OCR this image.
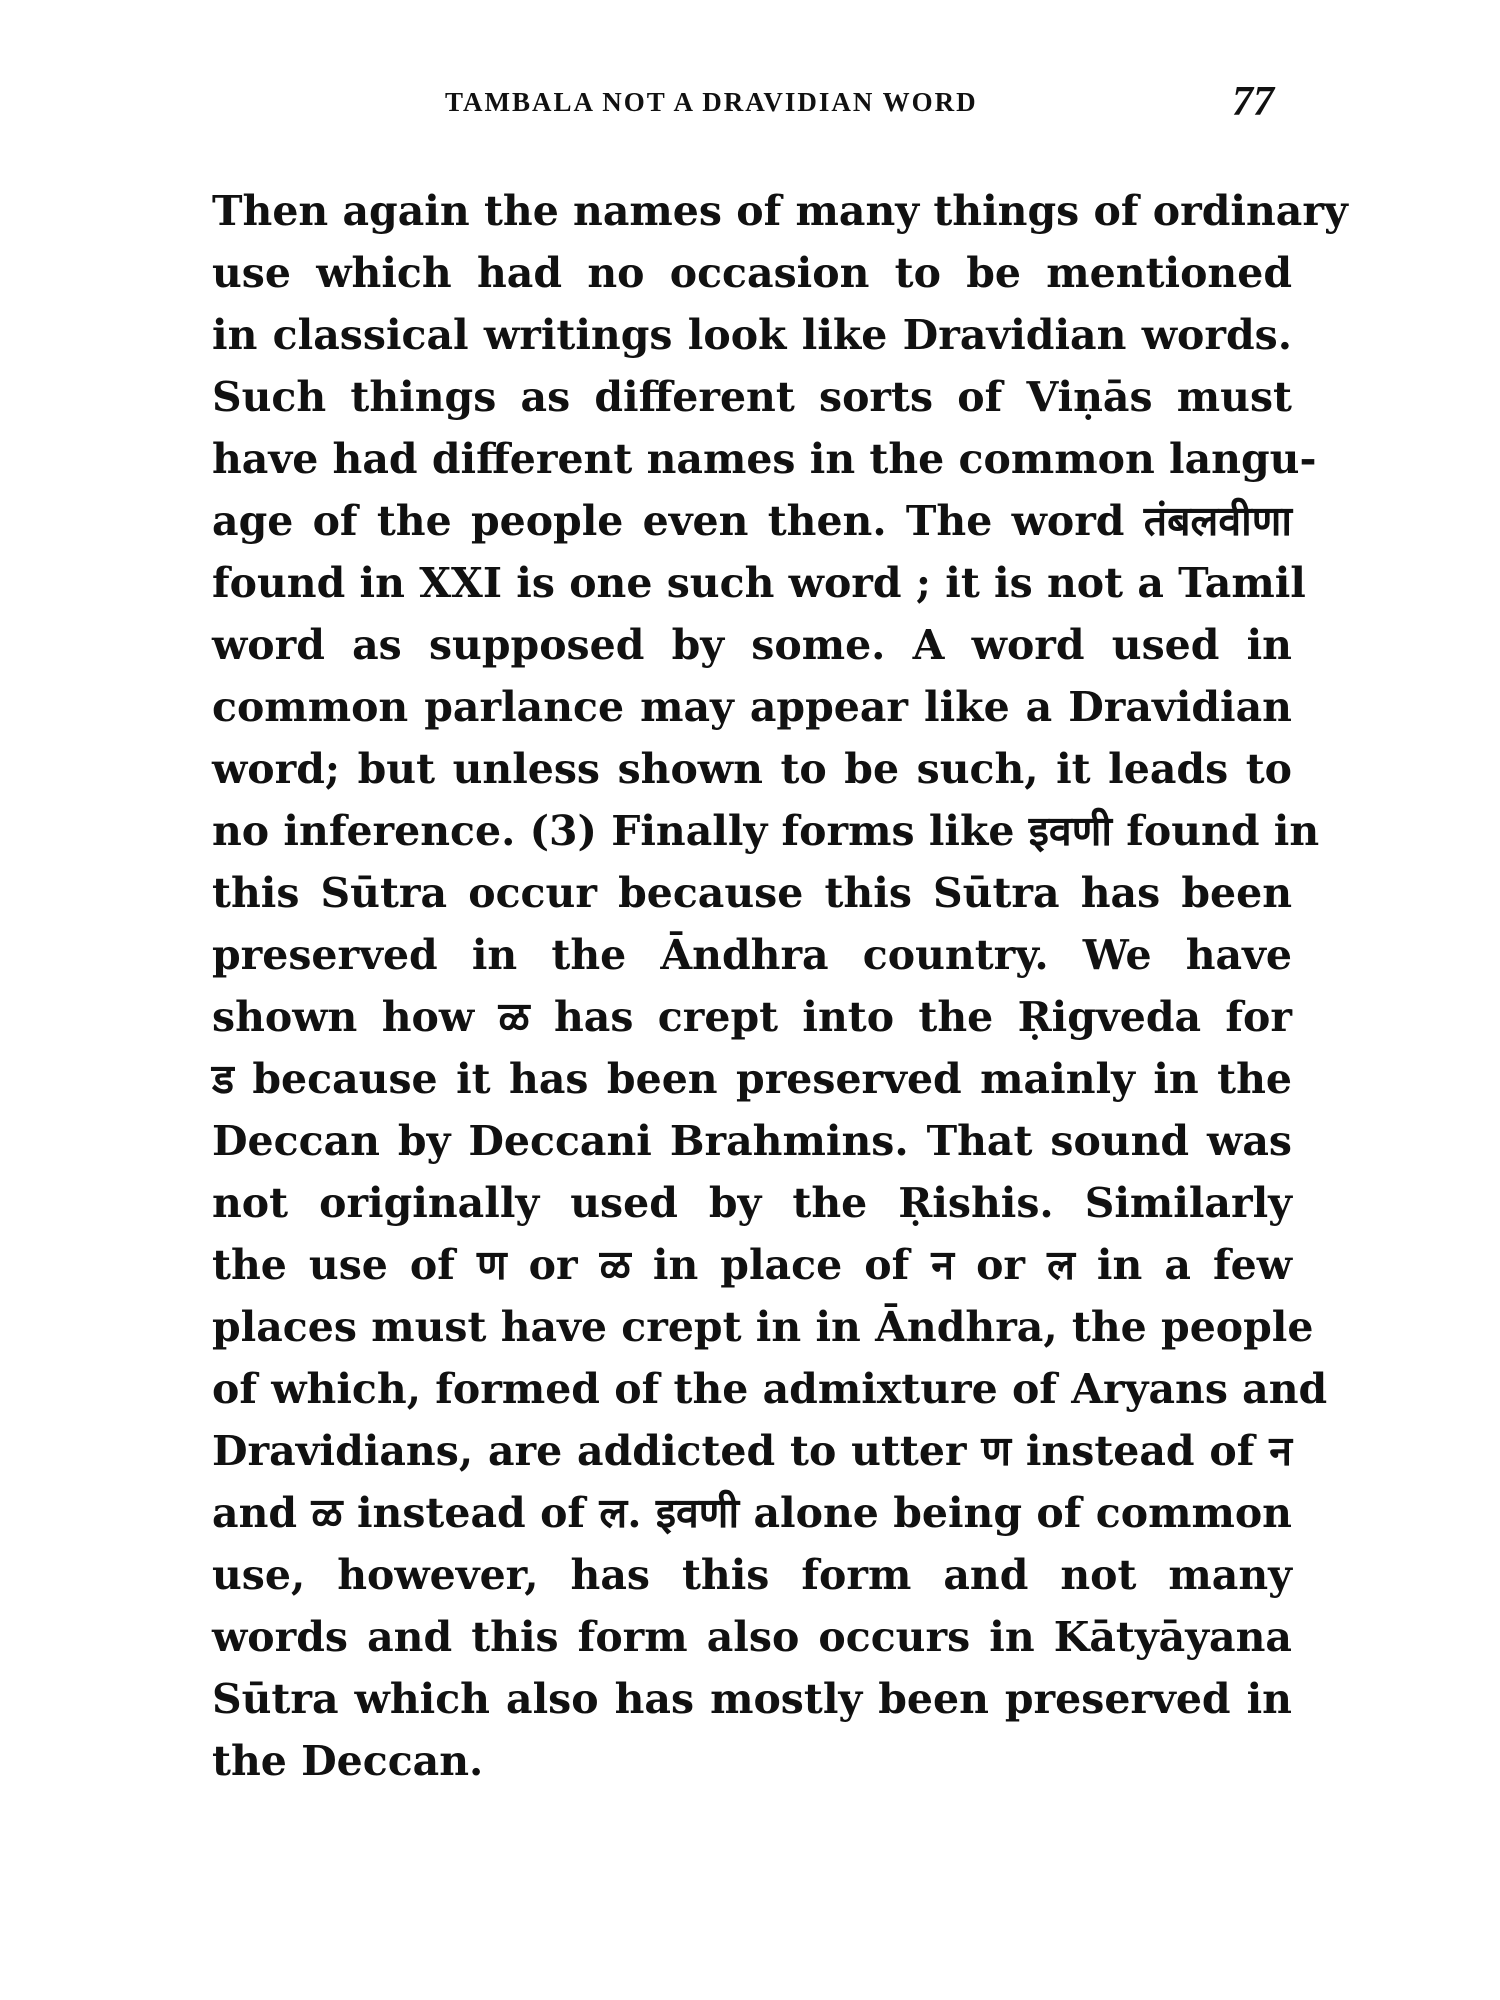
TAMBALA NOT A DRAVIDIAN WORD	77
Then again the names of many things of ordinary
use which had no occasion to be mentioned
in classical writings look like Dravidian words.
Such things as different sorts of Viṇās must
have had different names in the common langu-
age of the people even then. The word तंबलवीणा
found in XXI is one such word ; it is not a Tamil
word as supposed by some. A word used in
common parlance may appear like a Dravidian
word; but unless shown to be such, it leads to
no inference. (3) Finally forms like इवणी found in
this Sūtra occur because this Sūtra has been
preserved in the Āndhra country. We have
shown how ळ has crept into the Ṛigveda for
ड because it has been preserved mainly in the
Deccan by Deccani Brahmins. That sound was
not originally used by the Ṛishis. Similarly
the use of ण or ळ in place of न or ल in a few
places must have crept in in Āndhra, the people
of which, formed of the admixture of Aryans and
Dravidians, are addicted to utter ण instead of न
and ळ instead of ल. इवणी alone being of common
use, however, has this form and not many
words and this form also occurs in Kātyāyana
Sūtra which also has mostly been preserved in
the Deccan.
